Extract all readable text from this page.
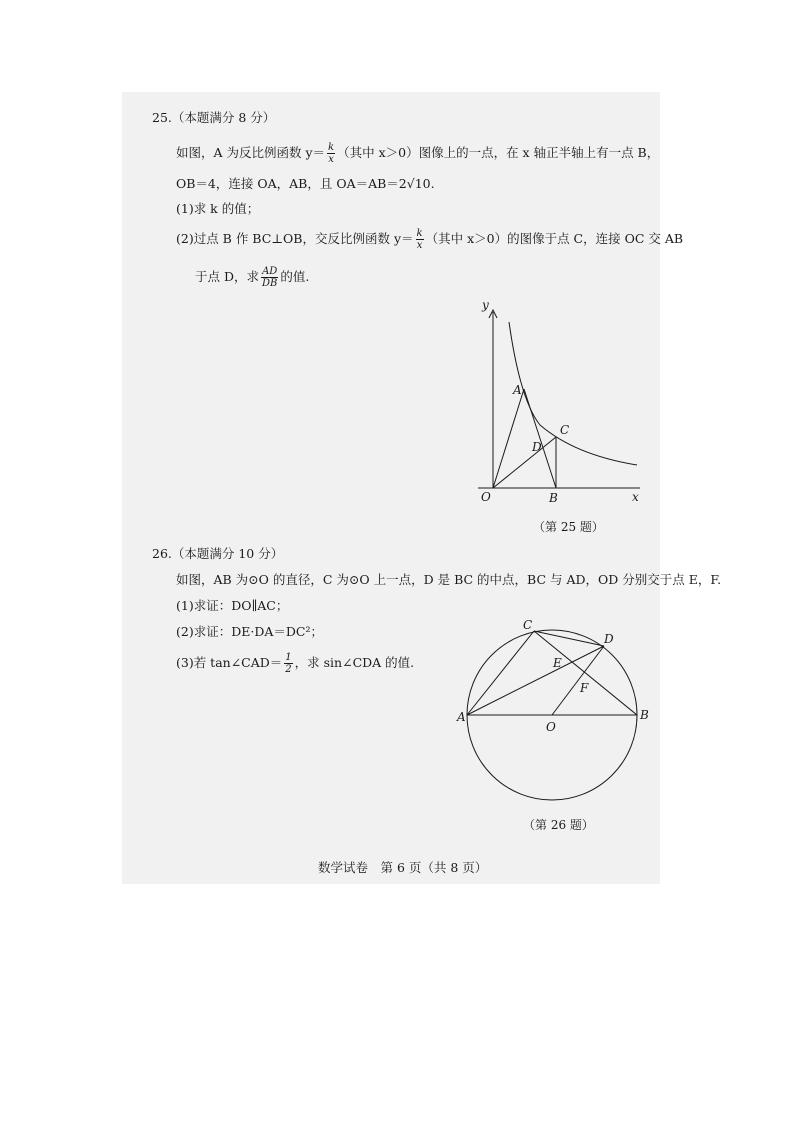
25.（本题满分 8 分）
如图，A 为反比例函数 $y= \frac{k}{x}$ （其中 x＞0）图像上的一点，在 x 轴正半轴上有一点 B，
OB＝4，连接 OA，AB，且 OA＝AB＝2√10.
(1)求 k 的值；
(2)过点 B 作 BC⊥OB，交反比例函数 $y= \frac{k}{x}$ （其中 x＞0）的图像于点 C，连接 OC 交 AB
于点 D，求 $\frac{AD}{DB}$ 的值.
y
x
O
A
B
C
D
（第 25 题）
26.（本题满分 10 分）
如图，AB 为⊙O 的直径，C 为⊙O 上一点，D 是 BC 的中点，BC 与 AD，OD 分别交于点 E，F.
(1)求证：DO∥AC；
(2)求证：DE·DA＝DC²；
(3)若 tan∠CAD＝ $\frac{1}{2}$ ，求 sin∠CDA 的值.
A	B
C
D
E
F
O
（第 26 题）
数学试卷　第 6 页（共 8 页）
